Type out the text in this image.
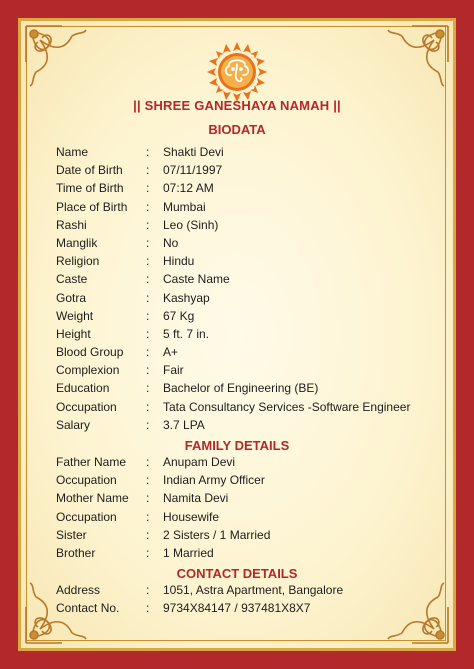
|| SHREE GANESHAYA NAMAH ||
BIODATA
Name	: Shakti Devi
Date of Birth : 07/11/1997
Time of Birth : 07:12 AM
Place of Birth : Mumbai
Rashi	: Leo (Sinh)
Manglik	: No
Religion	: Hindu
Caste	: Caste Name
Gotra	: Kashyap
Weight	: 67 Kg
Height	: 5 ft. 7 in.
Blood Group : A+
Complexion : Fair
Education	: Bachelor of Engineering (BE)
Occupation : Tata Consultancy Services -Software Engineer
Salary	: 3.7 LPA
FAMILY DETAILS
Father Name : Anupam Devi
Occupation : Indian Army Officer
Mother Name : Namita Devi
Occupation : Housewife
Sister	: 2 Sisters / 1 Married
Brother	: 1 Married
CONTACT DETAILS
Address	: 1051, Astra Apartment, Bangalore
Contact No. : 9734X84147 / 937481X8X7
